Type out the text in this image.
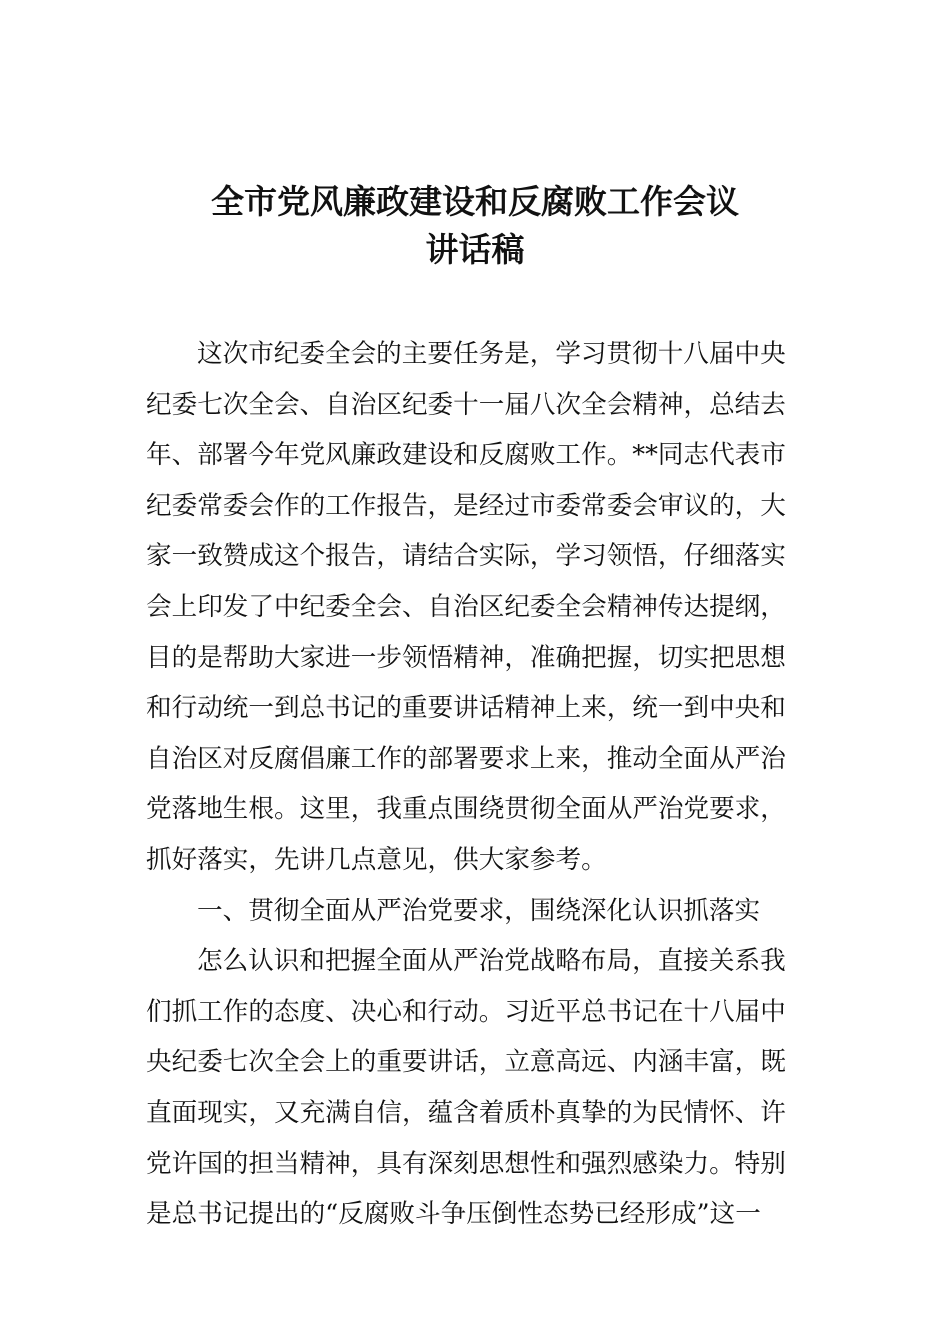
全市党风廉政建设和反腐败工作会议
讲话稿
这次市纪委全会的主要任务是，学习贯彻十八届中央
纪委七次全会、自治区纪委十一届八次全会精神，总结去
年、部署今年党风廉政建设和反腐败工作。**同志代表市
纪委常委会作的工作报告，是经过市委常委会审议的，大
家一致赞成这个报告，请结合实际，学习领悟，仔细落实
会上印发了中纪委全会、自治区纪委全会精神传达提纲，
目的是帮助大家进一步领悟精神，准确把握，切实把思想
和行动统一到总书记的重要讲话精神上来，统一到中央和
自治区对反腐倡廉工作的部署要求上来，推动全面从严治
党落地生根。这里，我重点围绕贯彻全面从严治党要求，
抓好落实，先讲几点意见，供大家参考。
一、贯彻全面从严治党要求，围绕深化认识抓落实
怎么认识和把握全面从严治党战略布局，直接关系我
们抓工作的态度、决心和行动。习近平总书记在十八届中
央纪委七次全会上的重要讲话，立意高远、内涵丰富，既
直面现实，又充满自信，蕴含着质朴真挚的为民情怀、许
党许国的担当精神，具有深刻思想性和强烈感染力。特别
是总书记提出的“反腐败斗争压倒性态势已经形成”这一
